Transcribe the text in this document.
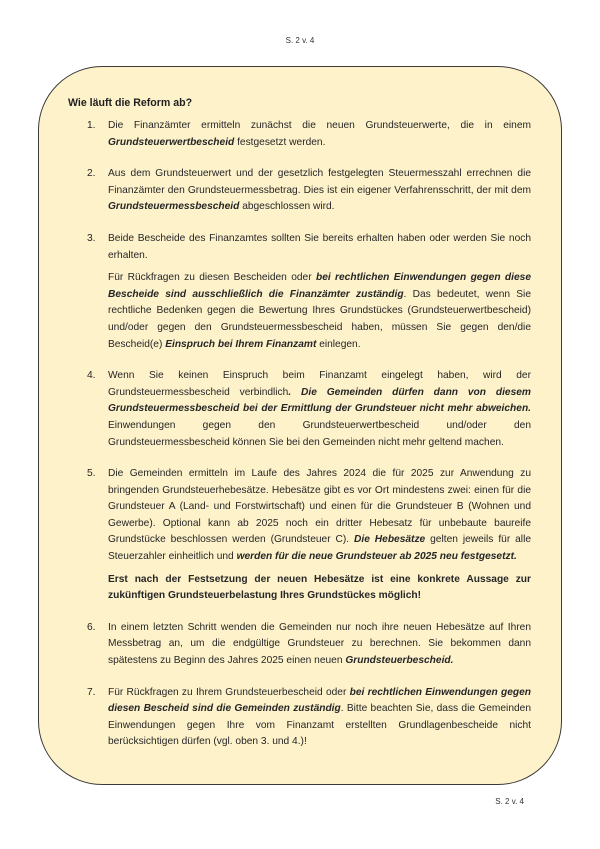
S. 2 v. 4
Wie läuft die Reform ab?
1. Die Finanzämter ermitteln zunächst die neuen Grundsteuerwerte, die in einem Grundsteuerwertbescheid festgesetzt werden.

2. Aus dem Grundsteuerwert und der gesetzlich festgelegten Steuermesszahl errechnen die Finanzämter den Grundsteuermessbetrag. Dies ist ein eigener Verfahrensschritt, der mit dem Grundsteuermessbescheid abgeschlossen wird.

3. Beide Bescheide des Finanzamtes sollten Sie bereits erhalten haben oder werden Sie noch erhalten.

Für Rückfragen zu diesen Bescheiden oder bei rechtlichen Einwendungen gegen diese Bescheide sind ausschließlich die Finanzämter zuständig. Das bedeutet, wenn Sie rechtliche Bedenken gegen die Bewertung Ihres Grundstückes (Grundsteuerwertbescheid) und/oder gegen den Grundsteuermessbescheid haben, müssen Sie gegen den/die Bescheid(e) Einspruch bei Ihrem Finanzamt einlegen.

4. Wenn Sie keinen Einspruch beim Finanzamt eingelegt haben, wird der Grundsteuermessbescheid verbindlich. Die Gemeinden dürfen dann von diesem Grundsteuermessbescheid bei der Ermittlung der Grundsteuer nicht mehr abweichen. Einwendungen gegen den Grundsteuerwertbescheid und/oder den Grundsteuermessbescheid können Sie bei den Gemeinden nicht mehr geltend machen.

5. Die Gemeinden ermitteln im Laufe des Jahres 2024 die für 2025 zur Anwendung zu bringenden Grundsteuerhebesätze. Hebesätze gibt es vor Ort mindestens zwei: einen für die Grundsteuer A (Land- und Forstwirtschaft) und einen für die Grundsteuer B (Wohnen und Gewerbe). Optional kann ab 2025 noch ein dritter Hebesatz für unbebaute baureife Grundstücke beschlossen werden (Grundsteuer C). Die Hebesätze gelten jeweils für alle Steuerzahler einheitlich und werden für die neue Grundsteuer ab 2025 neu festgesetzt.

Erst nach der Festsetzung der neuen Hebesätze ist eine konkrete Aussage zur zukünftigen Grundsteuerbelastung Ihres Grundstückes möglich!

6. In einem letzten Schritt wenden die Gemeinden nur noch ihre neuen Hebesätze auf Ihren Messbetrag an, um die endgültige Grundsteuer zu berechnen. Sie bekommen dann spätestens zu Beginn des Jahres 2025 einen neuen Grundsteuerbescheid.

7. Für Rückfragen zu Ihrem Grundsteuerbescheid oder bei rechtlichen Einwendungen gegen diesen Bescheid sind die Gemeinden zuständig. Bitte beachten Sie, dass die Gemeinden Einwendungen gegen Ihre vom Finanzamt erstellten Grundlagenbescheide nicht berücksichtigen dürfen (vgl. oben 3. und 4.)!

S. 2 v. 4
